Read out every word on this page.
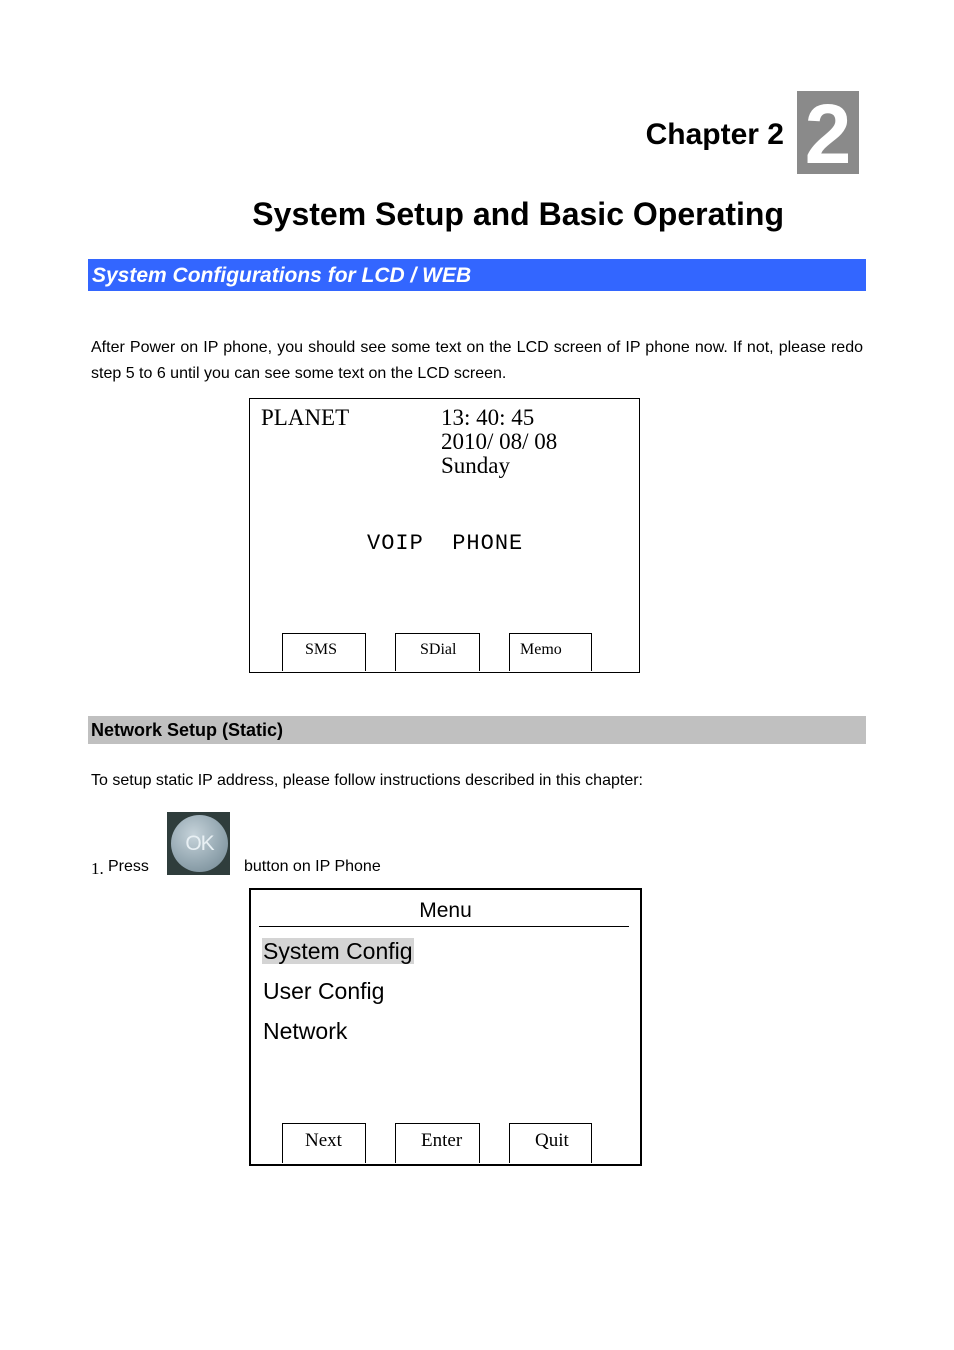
Chapter 2 2
System Setup and Basic Operating
System Configurations for LCD / WEB
After Power on IP phone, you should see some text on the LCD screen of IP phone now. If not, please redo step 5 to 6 until you can see some text on the LCD screen.
PLANET	13: 40: 45
2010/ 08/ 08
Sunday
VOIP  PHONE
SMS	SDial	Memo
Network Setup (Static)
To setup static IP address, please follow instructions described in this chapter:
1. Press
OK
button on IP Phone
Menu
System Config
User Config
Network
Next	Enter	Quit
